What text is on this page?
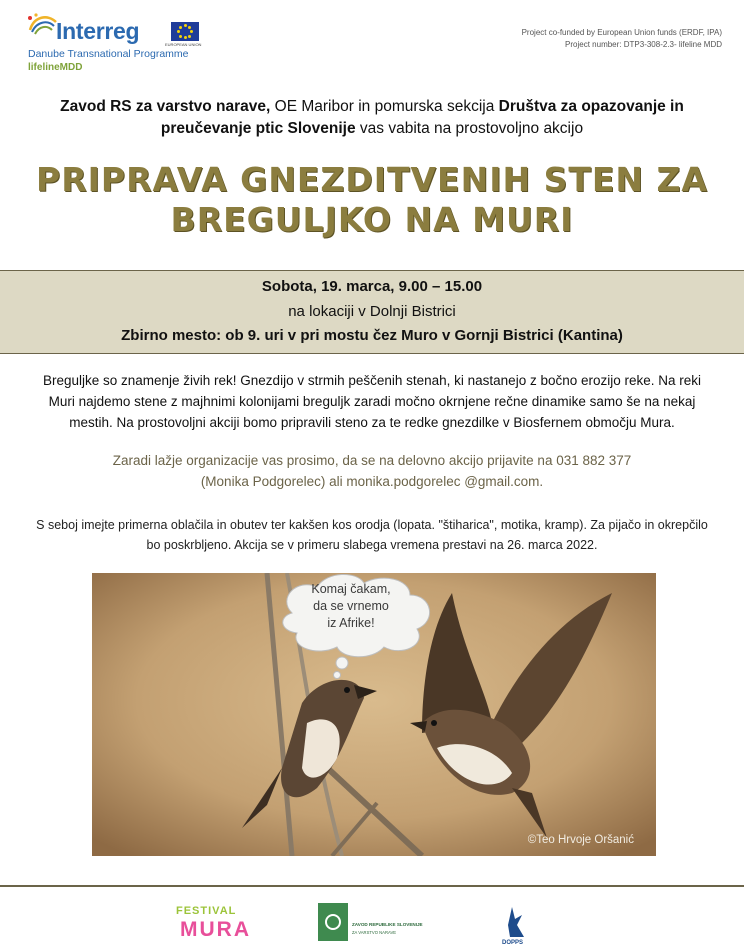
Interreg
EUROPEAN UNION
Danube Transnational Programme
lifelineMDD
Project co-funded by European Union funds (ERDF, IPA)
Project number: DTP3-308-2.3- lifeline MDD
Zavod RS za varstvo narave, OE Maribor in pomurska sekcija Društva za opazovanje in preučevanje ptic Slovenije vas vabita na prostovoljno akcijo
PRIPRAVA GNEZDITVENIH STEN ZA
BREGULJKO NA MURI
Sobota, 19. marca, 9.00 – 15.00
na lokaciji v Dolnji Bistrici
Zbirno mesto: ob 9. uri v pri mostu čez Muro v Gornji Bistrici (Kantina)
Breguljke so znamenje živih rek! Gnezdijo v strmih peščenih stenah, ki nastanejo z bočno erozijo reke. Na reki Muri najdemo stene z majhnimi kolonijami breguljk zaradi močno okrnjene rečne dinamike samo še na nekaj mestih. Na prostovoljni akciji bomo pripravili steno za te redke gnezdilke v Biosfernem območju Mura.
Zaradi lažje organizacije vas prosimo, da se na delovno akcijo prijavite na 031 882 377
(Monika Podgorelec) ali monika.podgorelec @gmail.com.
S seboj imejte primerna oblačila in obutev ter kakšen kos orodja (lopata. "štiharica", motika, kramp). Za pijačo in okrepčilo bo poskrbljeno. Akcija se v primeru slabega vremena prestavi na 26. marca 2022.
Komaj čakam,
da se vrnemo
iz Afrike!
©Teo Hrvoje Oršanić
FESTIVAL
MURA	ZAVOD REPUBLIKE SLOVENIJE
ZA VARSTVO NARAVE
DOPPS
